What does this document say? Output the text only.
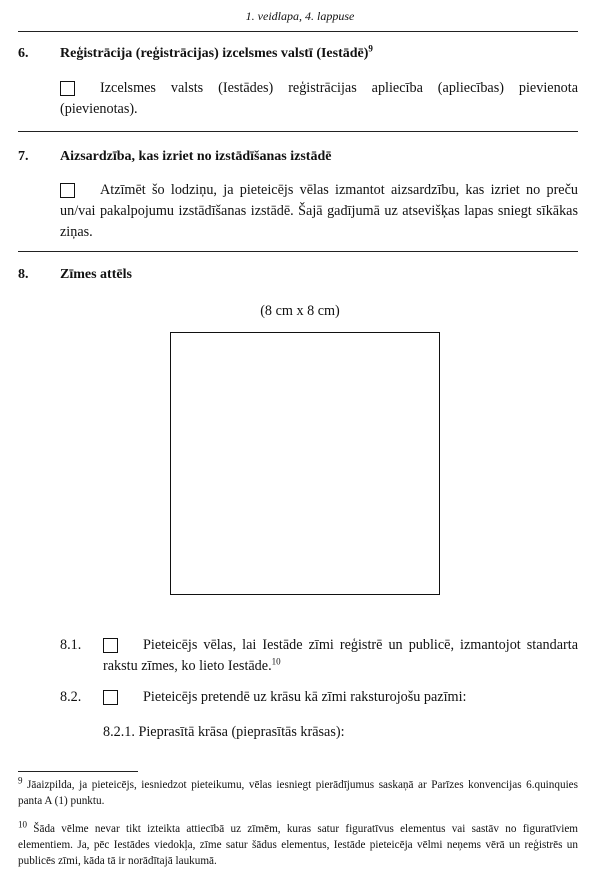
1. veidlapa, 4. lappuse
6. Reģistrācija (reģistrācijas) izcelsmes valstī (Iestādē)$^9$
Izcelsmes valsts (Iestādes) reģistrācijas apliecība (apliecības) pievienota (pievienotas).
7. Aizsardzība, kas izriet no izstādīšanas izstādē
Atzīmēt šo lodziņu, ja pieteicējs vēlas izmantot aizsardzību, kas izriet no preču un/vai pakalpojumu izstādīšanas izstādē. Šajā gadījumā uz atsevišķas lapas sniegt sīkākas ziņas.
8. Zīmes attēls
(8 cm x 8 cm)
8.1.	Pieteicējs vēlas, lai Iestāde zīmi reģistrē un publicē, izmantojot standarta rakstu zīmes, ko lieto Iestāde.$^{10}$
8.2.	Pieteicējs pretendē uz krāsu kā zīmi raksturojošu pazīmi:
8.2.1. Pieprasītā krāsa (pieprasītās krāsas):
$^9$ Jāaizpilda, ja pieteicējs, iesniedzot pieteikumu, vēlas iesniegt pierādījumus saskaņā ar Parīzes konvencijas 6.quinquies panta A (1) punktu.
$^{10}$ Šāda vēlme nevar tikt izteikta attiecībā uz zīmēm, kuras satur figuratīvus elementus vai sastāv no figuratīviem elementiem. Ja, pēc Iestādes viedokļa, zīme satur šādus elementus, Iestāde pieteicēja vēlmi neņems vērā un reģistrēs un publicēs zīmi, kāda tā ir norādītajā laukumā.
